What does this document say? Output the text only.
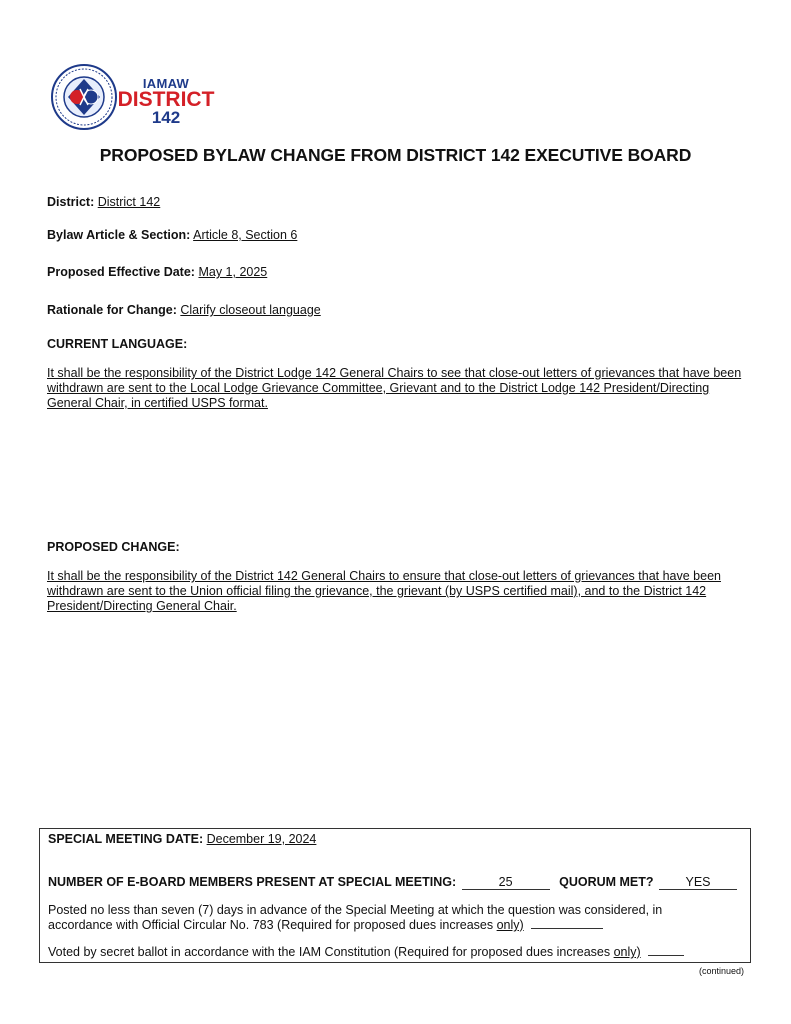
IAMAW
DISTRICT
142
PROPOSED BYLAW CHANGE FROM DISTRICT 142 EXECUTIVE BOARD
District: District 142
Bylaw Article & Section: Article 8, Section 6
Proposed Effective Date: May 1, 2025
Rationale for Change: Clarify closeout language
CURRENT LANGUAGE:
It shall be the responsibility of the District Lodge 142 General Chairs to see that close-out letters of grievances that have been withdrawn are sent to the Local Lodge Grievance Committee, Grievant and to the District Lodge 142 President/Directing General Chair, in certified USPS format.
PROPOSED CHANGE:
It shall be the responsibility of the District 142 General Chairs to ensure that close-out letters of grievances that have been withdrawn are sent to the Union official filing the grievance, the grievant (by USPS certified mail), and to the District 142 President/Directing General Chair.
SPECIAL MEETING DATE: December 19, 2024
NUMBER OF E-BOARD MEMBERS PRESENT AT SPECIAL MEETING:	25	QUORUM MET?	YES
Posted no less than seven (7) days in advance of the Special Meeting at which the question was considered, in
accordance with Official Circular No. 783 (Required for proposed dues increases only)
Voted by secret ballot in accordance with the IAM Constitution (Required for proposed dues increases only)
(continued)
